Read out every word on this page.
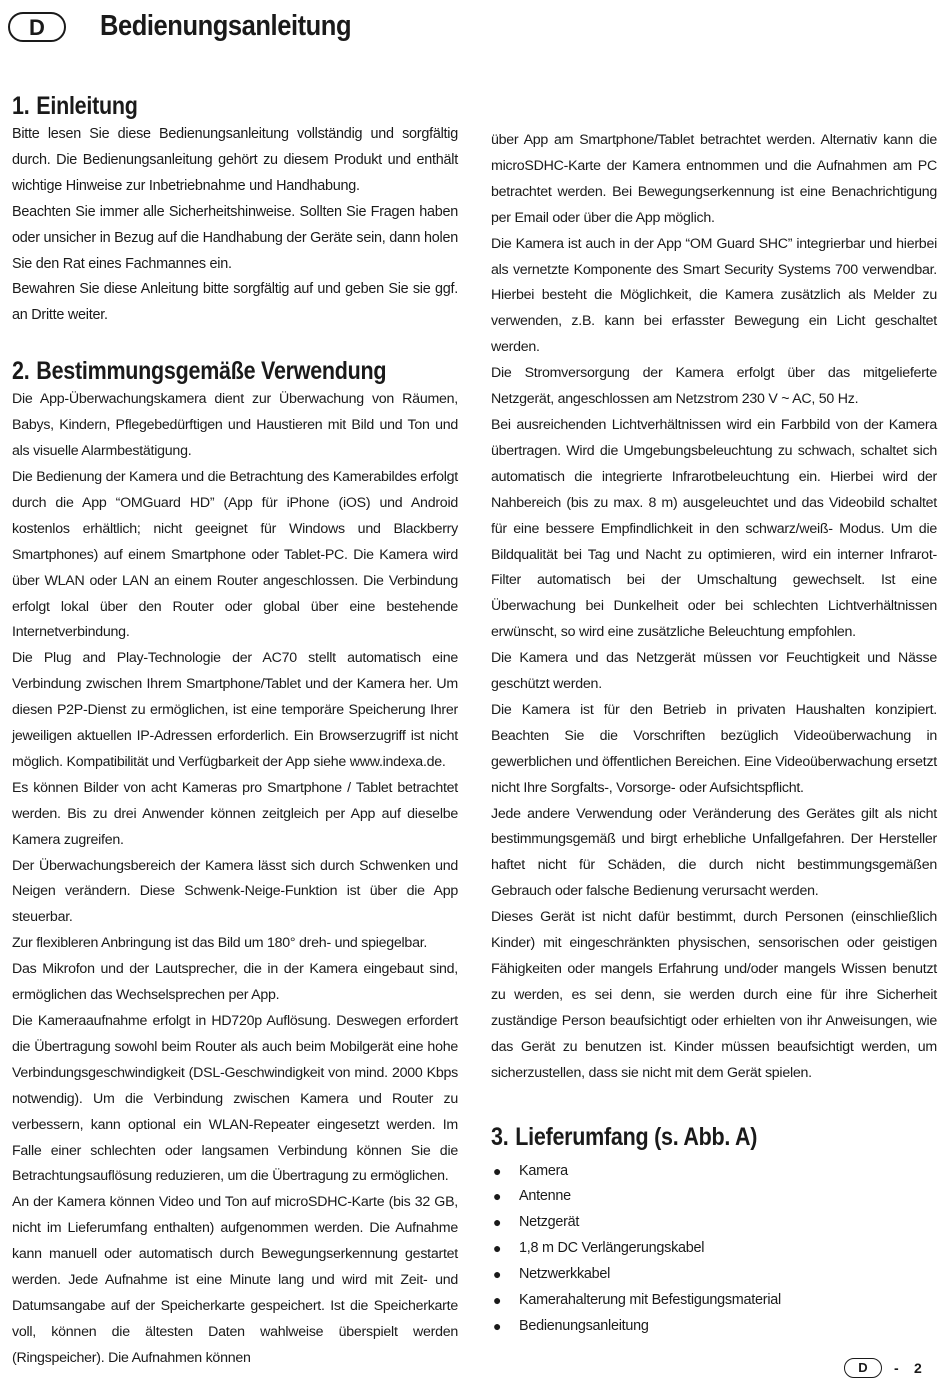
D	Bedienungsanleitung
1. Einleitung

Bitte lesen Sie diese Bedienungsanleitung vollständig und sorgfältig durch. Die Bedienungsanleitung gehört zu diesem Produkt und enthält wichtige Hinweise zur Inbetriebnahme und Handhabung.

Beachten Sie immer alle Sicherheitshinweise. Sollten Sie Fragen haben oder unsicher in Bezug auf die Handhabung der Geräte sein, dann holen Sie den Rat eines Fachmannes ein.

Bewahren Sie diese Anleitung bitte sorgfältig auf und geben Sie sie ggf. an Dritte weiter.

2. Bestimmungsgemäße Verwendung

Die App-Überwachungskamera dient zur Überwachung von Räumen, Babys, Kindern, Pflegebedürftigen und Haustieren mit Bild und Ton und als visuelle Alarmbestätigung.

Die Bedienung der Kamera und die Betrachtung des Kamerabildes erfolgt durch die App “OMGuard HD” (App für iPhone (iOS) und Android kostenlos erhältlich; nicht geeignet für Windows und Blackberry Smartphones) auf einem Smartphone oder Tablet-PC. Die Kamera wird über WLAN oder LAN an einem Router angeschlossen. Die Verbindung erfolgt lokal über den Router oder global über eine bestehende Internetverbindung.

Die Plug and Play-Technologie der AC70 stellt automatisch eine Verbindung zwischen Ihrem Smartphone/Tablet und der Kamera her. Um diesen P2P-Dienst zu ermöglichen, ist eine temporäre Speicherung Ihrer jeweiligen aktuellen IP-Adressen erforderlich. Ein Browserzugriff ist nicht möglich. Kompatibilität und Verfügbarkeit der App siehe www.indexa.de.

Es können Bilder von acht Kameras pro Smartphone / Tablet betrachtet werden. Bis zu drei Anwender können zeitgleich per App auf dieselbe Kamera zugreifen.

Der Überwachungsbereich der Kamera lässt sich durch Schwenken und Neigen verändern. Diese Schwenk-Neige-Funktion ist über die App steuerbar.

Zur flexibleren Anbringung ist das Bild um 180° dreh- und spiegelbar.

Das Mikrofon und der Lautsprecher, die in der Kamera eingebaut sind, ermöglichen das Wechselsprechen per App.

Die Kameraaufnahme erfolgt in HD720p Auflösung. Deswegen erfordert die Übertragung sowohl beim Router als auch beim Mobilgerät eine hohe Verbindungsgeschwindigkeit (DSL-Geschwindigkeit von mind. 2000 Kbps notwendig). Um die Verbindung zwischen Kamera und Router zu verbessern, kann optional ein WLAN-Repeater eingesetzt werden. Im Falle einer schlechten oder langsamen Verbindung können Sie die Betrachtungsauflösung reduzieren, um die Übertragung zu ermöglichen.

An der Kamera können Video und Ton auf microSDHC-Karte (bis 32 GB, nicht im Lieferumfang enthalten) aufgenommen werden. Die Aufnahme kann manuell oder automatisch durch Bewegungserkennung gestartet werden. Jede Aufnahme ist eine Minute lang und wird mit Zeit- und Datumsangabe auf der Speicherkarte gespeichert. Ist die Speicherkarte voll, können die ältesten Daten wahlweise überspielt werden (Ringspeicher). Die Aufnahmen können

über App am Smartphone/Tablet betrachtet werden. Alternativ kann die microSDHC-Karte der Kamera entnommen und die Aufnahmen am PC betrachtet werden. Bei Bewegungserkennung ist eine Benachrichtigung per Email oder über die App möglich.

Die Kamera ist auch in der App “OM Guard SHC” integrierbar und hierbei als vernetzte Komponente des Smart Security Systems 700 verwendbar. Hierbei besteht die Möglichkeit, die Kamera zusätzlich als Melder zu verwenden, z.B. kann bei erfasster Bewegung ein Licht geschaltet werden.

Die Stromversorgung der Kamera erfolgt über das mitgelieferte Netzgerät, angeschlossen am Netzstrom 230 V ~ AC, 50 Hz.

Bei ausreichenden Lichtverhältnissen wird ein Farbbild von der Kamera übertragen. Wird die Umgebungsbeleuchtung zu schwach, schaltet sich automatisch die integrierte Infrarotbeleuchtung ein. Hierbei wird der Nahbereich (bis zu max. 8 m) ausgeleuchtet und das Videobild schaltet für eine bessere Empfindlichkeit in den schwarz/weiß- Modus. Um die Bildqualität bei Tag und Nacht zu optimieren, wird ein interner Infrarot-Filter automatisch bei der Umschaltung gewechselt. Ist eine Überwachung bei Dunkelheit oder bei schlechten Lichtverhältnissen erwünscht, so wird eine zusätzliche Beleuchtung empfohlen.

Die Kamera und das Netzgerät müssen vor Feuchtigkeit und Nässe geschützt werden.

Die Kamera ist für den Betrieb in privaten Haushalten konzipiert. Beachten Sie die Vorschriften bezüglich Videoüberwachung in gewerblichen und öffentlichen Bereichen. Eine Videoüberwachung ersetzt nicht Ihre Sorgfalts-, Vorsorge- oder Aufsichtspflicht.

Jede andere Verwendung oder Veränderung des Gerätes gilt als nicht bestimmungsgemäß und birgt erhebliche Unfallgefahren. Der Hersteller haftet nicht für Schäden, die durch nicht bestimmungsgemäßen Gebrauch oder falsche Bedienung verursacht werden.

Dieses Gerät ist nicht dafür bestimmt, durch Personen (einschließlich Kinder) mit eingeschränkten physischen, sensorischen oder geistigen Fähigkeiten oder mangels Erfahrung und/oder mangels Wissen benutzt zu werden, es sei denn, sie werden durch eine für ihre Sicherheit zuständige Person beaufsichtigt oder erhielten von ihr Anweisungen, wie das Gerät zu benutzen ist. Kinder müssen beaufsichtigt werden, um sicherzustellen, dass sie nicht mit dem Gerät spielen.

3. Lieferumfang (s. Abb. A)
● Kamera
● Antenne
● Netzgerät
● 1,8 m DC Verlängerungskabel
● Netzwerkkabel
● Kamerahalterung mit Befestigungsmaterial
● Bedienungsanleitung
D	- 2
